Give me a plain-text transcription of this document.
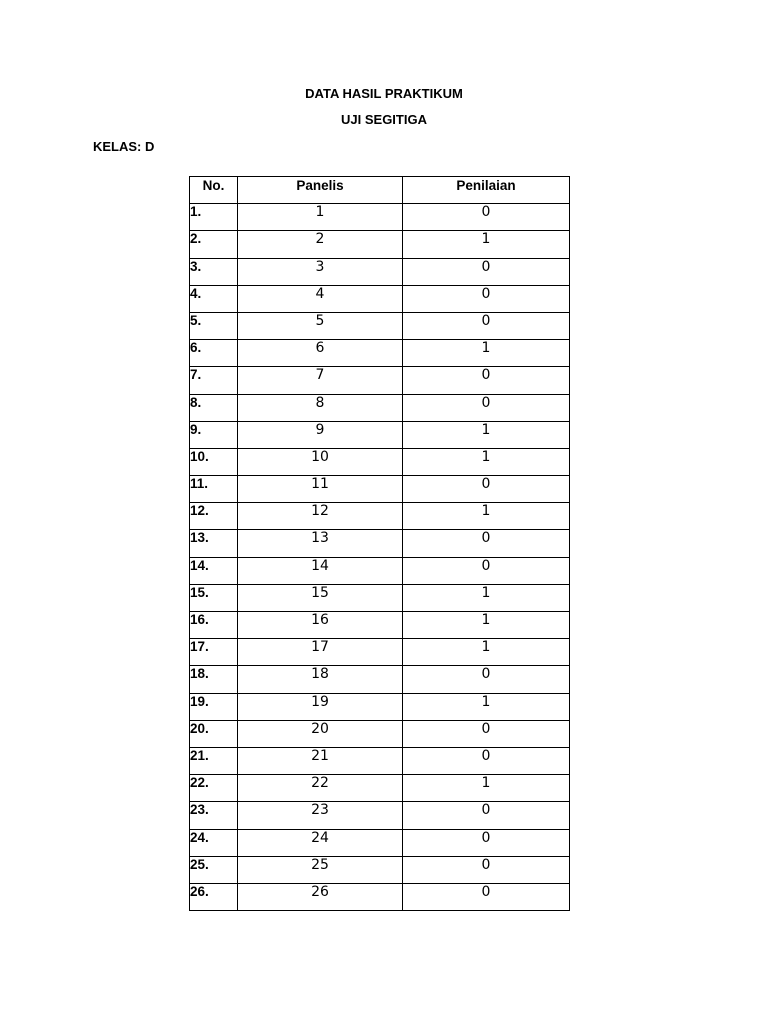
DATA HASIL PRAKTIKUM
UJI SEGITIGA
KELAS: D
No.	Panelis	Penilaian
1.	1	0
2.	2	1
3.	3	0
4.	4	0
5.	5	0
6.	6	1
7.	7	0
8.	8	0
9.	9	1
10.	10	1
11.	11	0
12.	12	1
13.	13	0
14.	14	0
15.	15	1
16.	16	1
17.	17	1
18.	18	0
19.	19	1
20.	20	0
21.	21	0
22.	22	1
23.	23	0
24.	24	0
25.	25	0
26.	26	0
